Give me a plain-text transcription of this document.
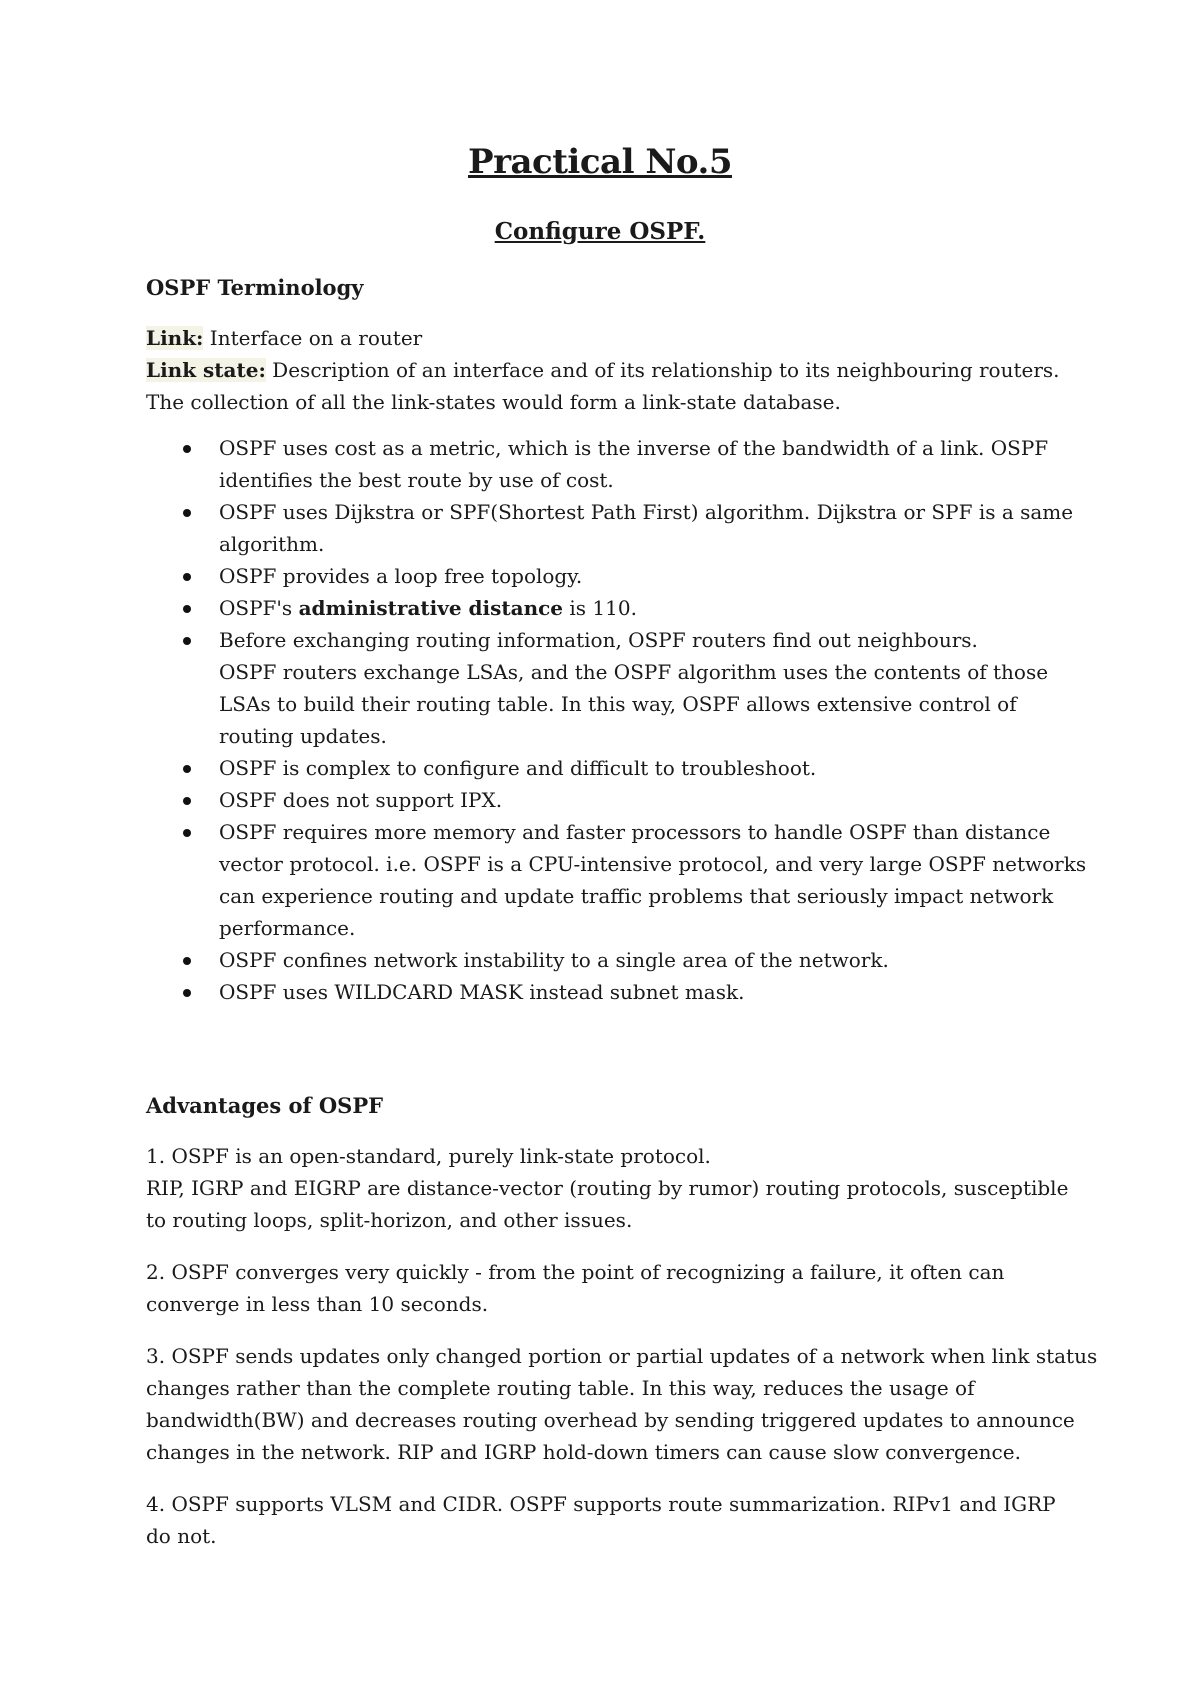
Practical No.5
Configure OSPF.

OSPF Terminology

Link: Interface on a router

Link state: Description of an interface and of its relationship to its neighbouring routers.

The collection of all the link-states would form a link-state database.

OSPF uses cost as a metric, which is the inverse of the bandwidth of a link. OSPF
identifies the best route by use of cost.
OSPF uses Dijkstra or SPF(Shortest Path First) algorithm. Dijkstra or SPF is a same
algorithm.
OSPF provides a loop free topology.
OSPF's administrative distance is 110.
Before exchanging routing information, OSPF routers find out neighbours.
OSPF routers exchange LSAs, and the OSPF algorithm uses the contents of those
LSAs to build their routing table. In this way, OSPF allows extensive control of
routing updates.
OSPF is complex to configure and difficult to troubleshoot.
OSPF does not support IPX.
OSPF requires more memory and faster processors to handle OSPF than distance
vector protocol. i.e. OSPF is a CPU-intensive protocol, and very large OSPF networks
can experience routing and update traffic problems that seriously impact network
performance.
OSPF confines network instability to a single area of the network.
OSPF uses WILDCARD MASK instead subnet mask.

Advantages of OSPF

1. OSPF is an open-standard, purely link-state protocol.
RIP, IGRP and EIGRP are distance-vector (routing by rumor) routing protocols, susceptible
to routing loops, split-horizon, and other issues.
2. OSPF converges very quickly - from the point of recognizing a failure, it often can
converge in less than 10 seconds.
3. OSPF sends updates only changed portion or partial updates of a network when link status
changes rather than the complete routing table. In this way, reduces the usage of
bandwidth(BW) and decreases routing overhead by sending triggered updates to announce
changes in the network. RIP and IGRP hold-down timers can cause slow convergence.
4. OSPF supports VLSM and CIDR. OSPF supports route summarization. RIPv1 and IGRP
do not.
